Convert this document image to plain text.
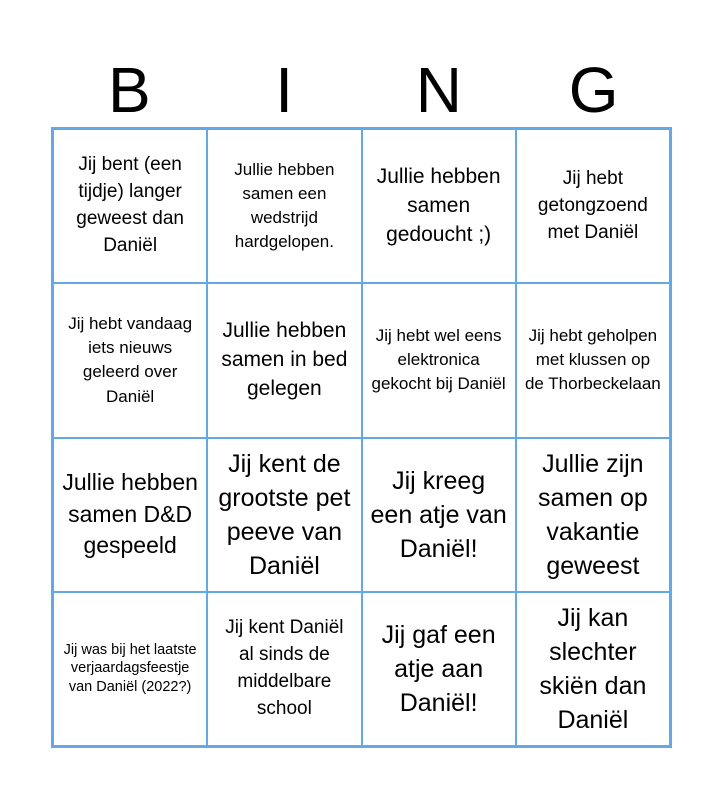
B	I	N	G
Jij bent (een tijdje) langer geweest dan Daniël
Jullie hebben samen een wedstrijd hardgelopen.
Jullie hebben samen gedoucht ;)
Jij hebt getongzoend met Daniël
Jij hebt vandaag iets nieuws geleerd over Daniël
Jullie hebben samen in bed gelegen
Jij hebt wel eens elektronica gekocht bij Daniël
Jij hebt geholpen met klussen op de Thorbeckelaan
Jullie hebben samen D&D gespeeld
Jij kent de grootste pet peeve van Daniël
Jij kreeg een atje van Daniël!
Jullie zijn samen op vakantie geweest
Jij was bij het laatste verjaardagsfeestje van Daniël (2022?)
Jij kent Daniël al sinds de middelbare school
Jij gaf een atje aan Daniël!
Jij kan slechter skiën dan Daniël
